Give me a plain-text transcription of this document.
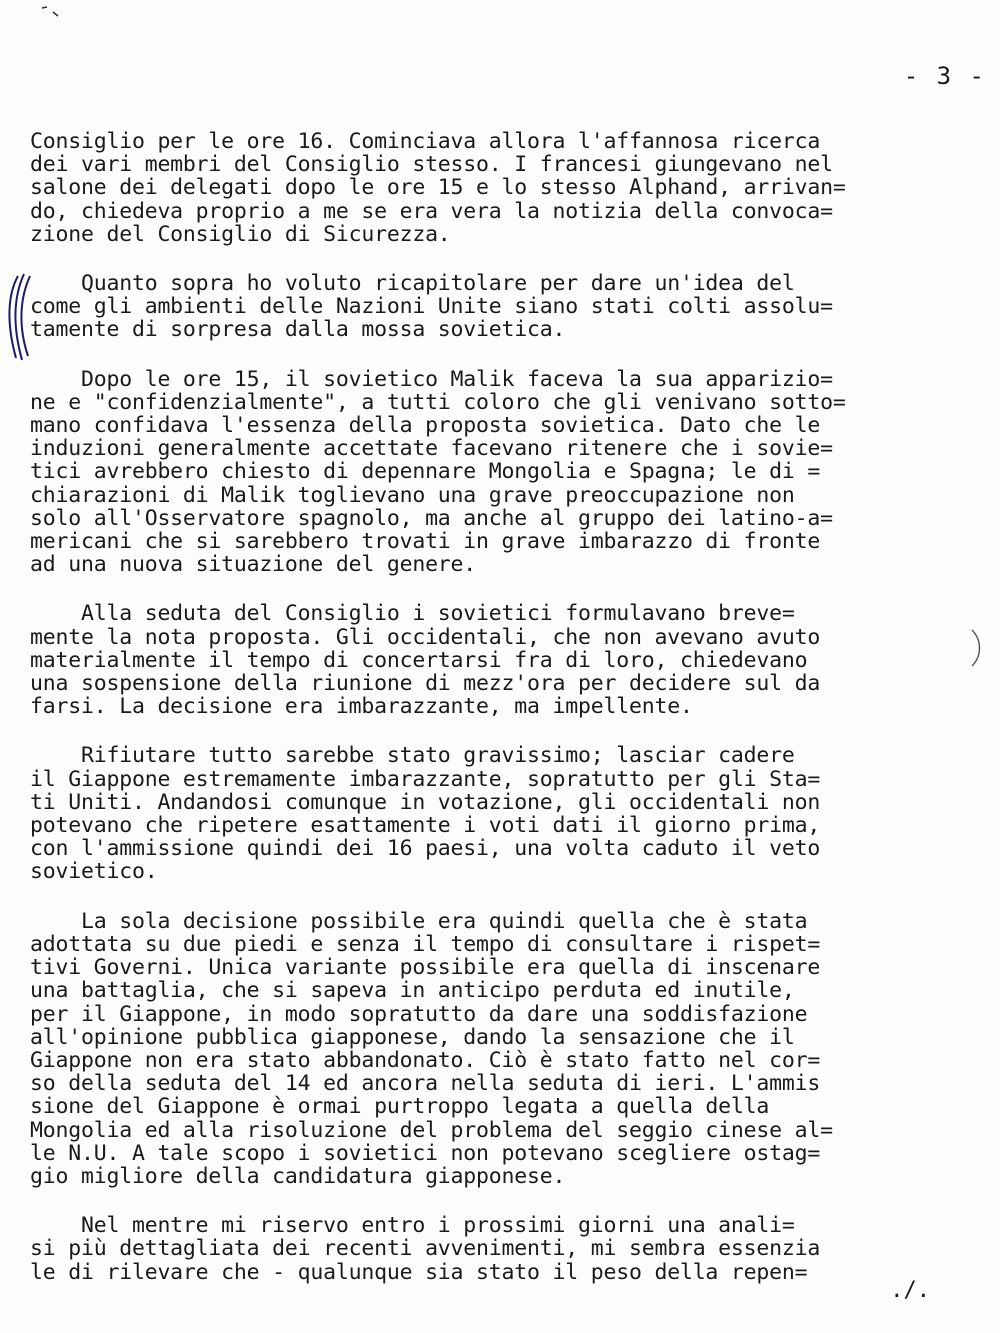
- 3 -
Consiglio per le ore 16. Cominciava allora l'affannosa ricerca
dei vari membri del Consiglio stesso. I francesi giungevano nel
salone dei delegati dopo le ore 15 e lo stesso Alphand, arrivan=
do, chiedeva proprio a me se era vera la notizia della convoca=
zione del Consiglio di Sicurezza.
Quanto sopra ho voluto ricapitolare per dare un'idea del
come gli ambienti delle Nazioni Unite siano stati colti assolu=
tamente di sorpresa dalla mossa sovietica.
Dopo le ore 15, il sovietico Malik faceva la sua apparizio=
ne e "confidenzialmente", a tutti coloro che gli venivano sotto=
mano confidava l'essenza della proposta sovietica. Dato che le
induzioni generalmente accettate facevano ritenere che i sovie=
tici avrebbero chiesto di depennare Mongolia e Spagna; le di =
chiarazioni di Malik toglievano una grave preoccupazione non
solo all'Osservatore spagnolo, ma anche al gruppo dei latino-a=
mericani che si sarebbero trovati in grave imbarazzo di fronte
ad una nuova situazione del genere.
Alla seduta del Consiglio i sovietici formulavano breve=
mente la nota proposta. Gli occidentali, che non avevano avuto
materialmente il tempo di concertarsi fra di loro, chiedevano
una sospensione della riunione di mezz'ora per decidere sul da
farsi. La decisione era imbarazzante, ma impellente.
Rifiutare tutto sarebbe stato gravissimo; lasciar cadere
il Giappone estremamente imbarazzante, sopratutto per gli Sta=
ti Uniti. Andandosi comunque in votazione, gli occidentali non
potevano che ripetere esattamente i voti dati il giorno prima,
con l'ammissione quindi dei 16 paesi, una volta caduto il veto
sovietico.
La sola decisione possibile era quindi quella che è stata
adottata su due piedi e senza il tempo di consultare i rispet=
tivi Governi. Unica variante possibile era quella di inscenare
una battaglia, che si sapeva in anticipo perduta ed inutile,
per il Giappone, in modo sopratutto da dare una soddisfazione
all'opinione pubblica giapponese, dando la sensazione che il
Giappone non era stato abbandonato. Ciò è stato fatto nel cor=
so della seduta del 14 ed ancora nella seduta di ieri. L'ammis
sione del Giappone è ormai purtroppo legata a quella della
Mongolia ed alla risoluzione del problema del seggio cinese al=
le N.U. A tale scopo i sovietici non potevano scegliere ostag=
gio migliore della candidatura giapponese.
Nel mentre mi riservo entro i prossimi giorni una anali=
si più dettagliata dei recenti avvenimenti, mi sembra essenzia
le di rilevare che - qualunque sia stato il peso della repen=
./.
